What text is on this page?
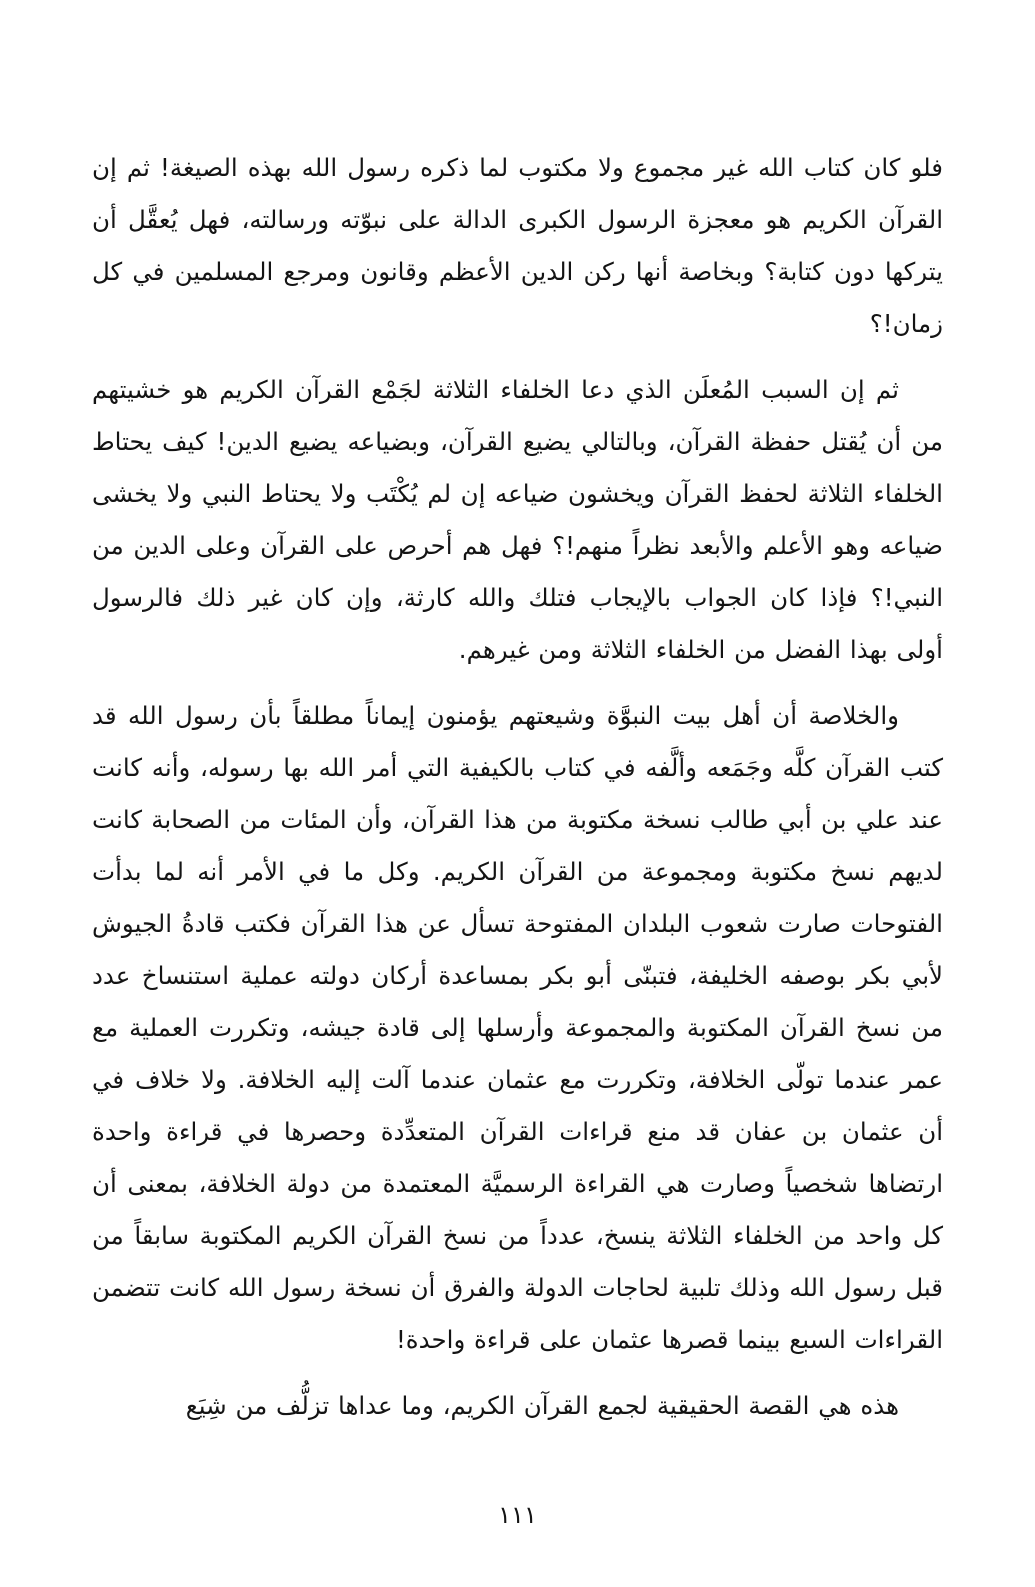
فلو كان كتاب الله غير مجموع ولا مكتوب لما ذكره رسول الله بهذه الصيغة! ثم إن القرآن الكريم هو معجزة الرسول الكبرى الدالة على نبوّته ورسالته، فهل يُعقَّل أن يتركها دون كتابة؟ وبخاصة أنها ركن الدين الأعظم وقانون ومرجع المسلمين في كل زمان!؟

ثم إن السبب المُعلَن الذي دعا الخلفاء الثلاثة لجَمْع القرآن الكريم هو خشيتهم من أن يُقتل حفظة القرآن، وبالتالي يضيع القرآن، وبضياعه يضيع الدين! كيف يحتاط الخلفاء الثلاثة لحفظ القرآن ويخشون ضياعه إن لم يُكْتَب ولا يحتاط النبي ولا يخشى ضياعه وهو الأعلم والأبعد نظراً منهم!؟ فهل هم أحرص على القرآن وعلى الدين من النبي!؟ فإذا كان الجواب بالإيجاب فتلك والله كارثة، وإن كان غير ذلك فالرسول أولى بهذا الفضل من الخلفاء الثلاثة ومن غيرهم.

والخلاصة أن أهل بيت النبوَّة وشيعتهم يؤمنون إيماناً مطلقاً بأن رسول الله قد كتب القرآن كلَّه وجَمَعه وألَّفه في كتاب بالكيفية التي أمر الله بها رسوله، وأنه كانت عند علي بن أبي طالب نسخة مكتوبة من هذا القرآن، وأن المئات من الصحابة كانت لديهم نسخ مكتوبة ومجموعة من القرآن الكريم. وكل ما في الأمر أنه لما بدأت الفتوحات صارت شعوب البلدان المفتوحة تسأل عن هذا القرآن فكتب قادةُ الجيوش لأبي بكر بوصفه الخليفة، فتبنّى أبو بكر بمساعدة أركان دولته عملية استنساخ عدد من نسخ القرآن المكتوبة والمجموعة وأرسلها إلى قادة جيشه، وتكررت العملية مع عمر عندما تولّى الخلافة، وتكررت مع عثمان عندما آلت إليه الخلافة. ولا خلاف في أن عثمان بن عفان قد منع قراءات القرآن المتعدِّدة وحصرها في قراءة واحدة ارتضاها شخصياً وصارت هي القراءة الرسميَّة المعتمدة من دولة الخلافة، بمعنى أن كل واحد من الخلفاء الثلاثة ينسخ، عدداً من نسخ القرآن الكريم المكتوبة سابقاً من قبل رسول الله وذلك تلبية لحاجات الدولة والفرق أن نسخة رسول الله كانت تتضمن القراءات السبع بينما قصرها عثمان على قراءة واحدة!

هذه هي القصة الحقيقية لجمع القرآن الكريم، وما عداها تزلُّف من شِيَع

١١١
